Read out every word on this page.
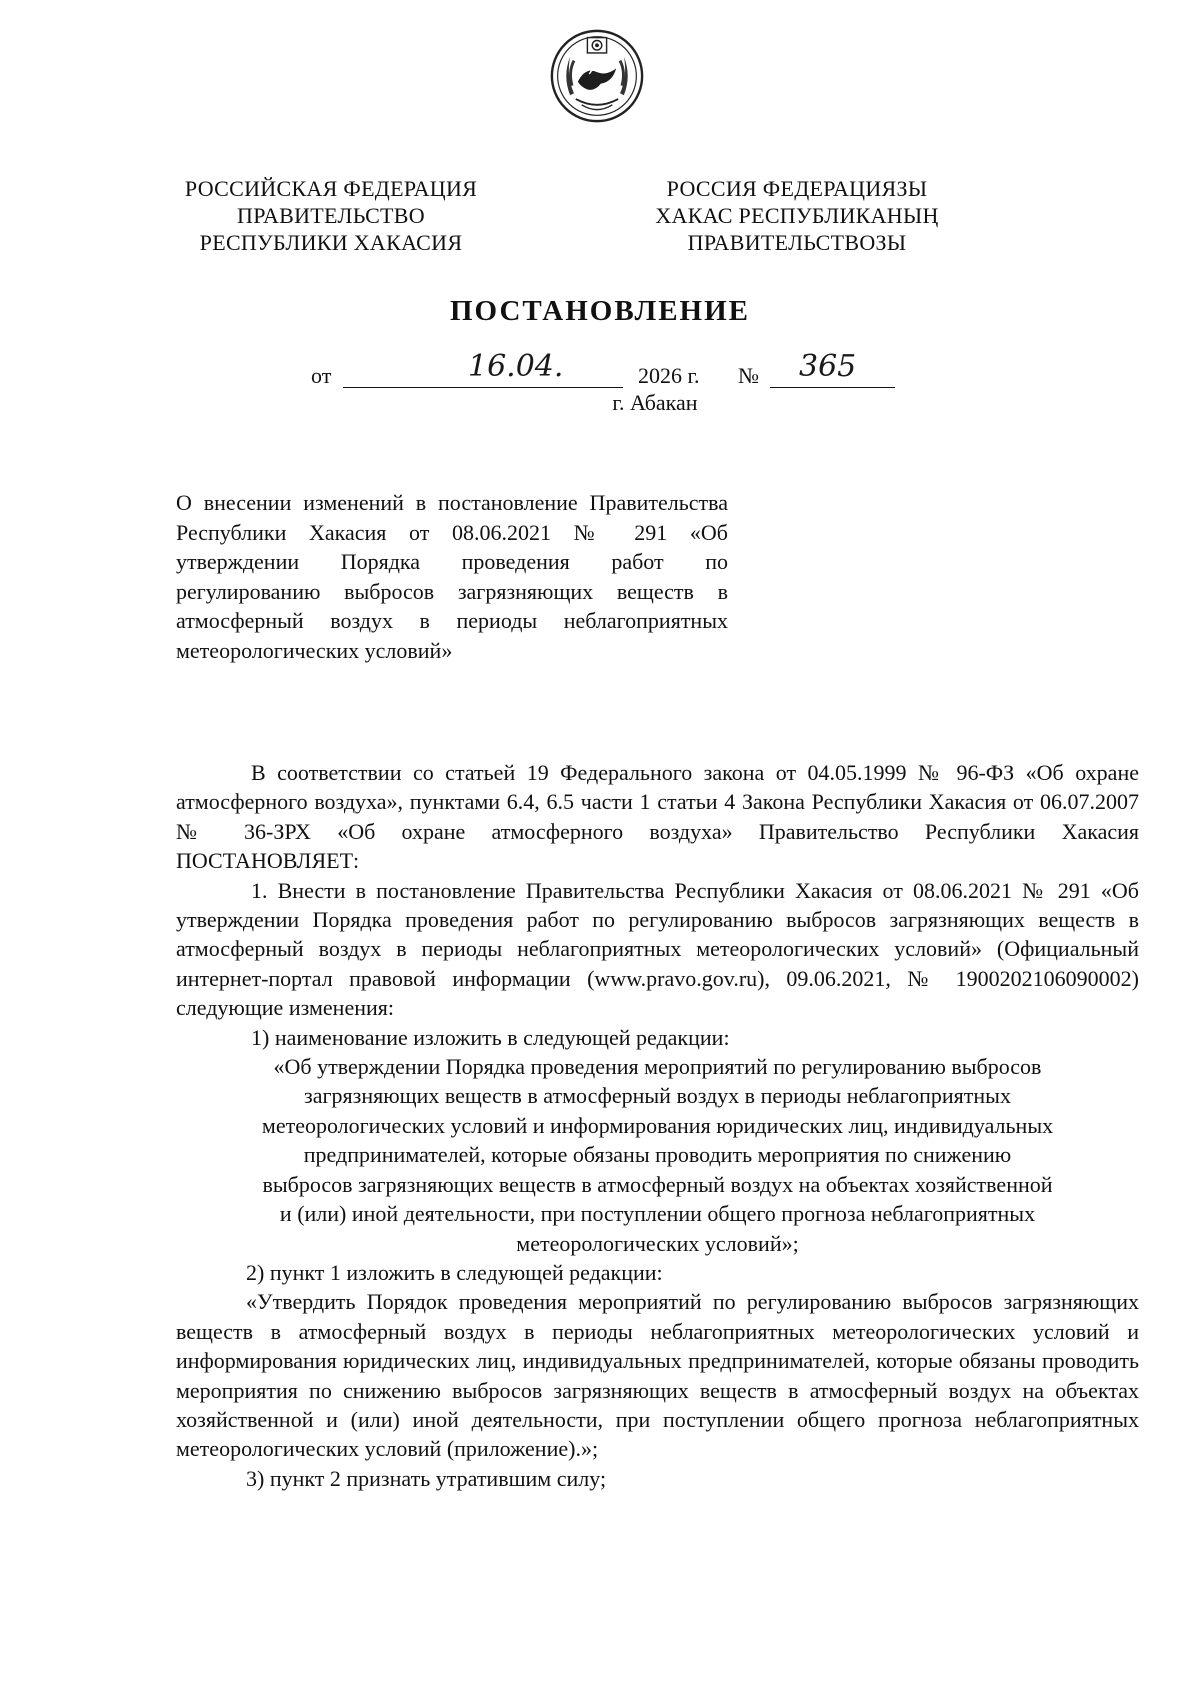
РОССИЙСКАЯ ФЕДЕРАЦИЯ
ПРАВИТЕЛЬСТВО
РЕСПУБЛИКИ ХАКАСИЯ
РОССИЯ ФЕДЕРАЦИЯЗЫ
ХАКАС РЕСПУБЛИКАНЫҢ
ПРАВИТЕЛЬСТВОЗЫ
ПОСТАНОВЛЕНИЕ
от	16.04.	2026 г. № 365
г. Абакан
О внесении изменений в постановление Правительства Республики Хакасия от 08.06.2021 № 291 «Об утверждении Порядка проведения работ по регулированию выбросов загрязняющих веществ в атмосферный воздух в периоды неблагоприятных метеорологических условий»

В соответствии со статьей 19 Федерального закона от 04.05.1999 № 96-ФЗ «Об охране атмосферного воздуха», пунктами 6.4, 6.5 части 1 статьи 4 Закона Республики Хакасия от 06.07.2007 № 36-ЗРХ «Об охране атмосферного воздуха» Правительство Республики Хакасия ПОСТАНОВЛЯЕТ:

1. Внести в постановление Правительства Республики Хакасия от 08.06.2021 № 291 «Об утверждении Порядка проведения работ по регулированию выбросов загрязняющих веществ в атмосферный воздух в периоды неблагоприятных метеорологических условий» (Официальный интернет-портал правовой информации (www.pravo.gov.ru), 09.06.2021, № 1900202106090002) следующие изменения:

1) наименование изложить в следующей редакции:

«Об утверждении Порядка проведения мероприятий по регулированию выбросов

загрязняющих веществ в атмосферный воздух в периоды неблагоприятных

метеорологических условий и информирования юридических лиц, индивидуальных

предпринимателей, которые обязаны проводить мероприятия по снижению

выбросов загрязняющих веществ в атмосферный воздух на объектах хозяйственной

и (или) иной деятельности, при поступлении общего прогноза неблагоприятных

метеорологических условий»;

2) пункт 1 изложить в следующей редакции:

«Утвердить Порядок проведения мероприятий по регулированию выбросов загрязняющих веществ в атмосферный воздух в периоды неблагоприятных метеорологических условий и информирования юридических лиц, индивидуальных предпринимателей, которые обязаны проводить мероприятия по снижению выбросов загрязняющих веществ в атмосферный воздух на объектах хозяйственной и (или) иной деятельности, при поступлении общего прогноза неблагоприятных метеорологических условий (приложение).»;

3) пункт 2 признать утратившим силу;
